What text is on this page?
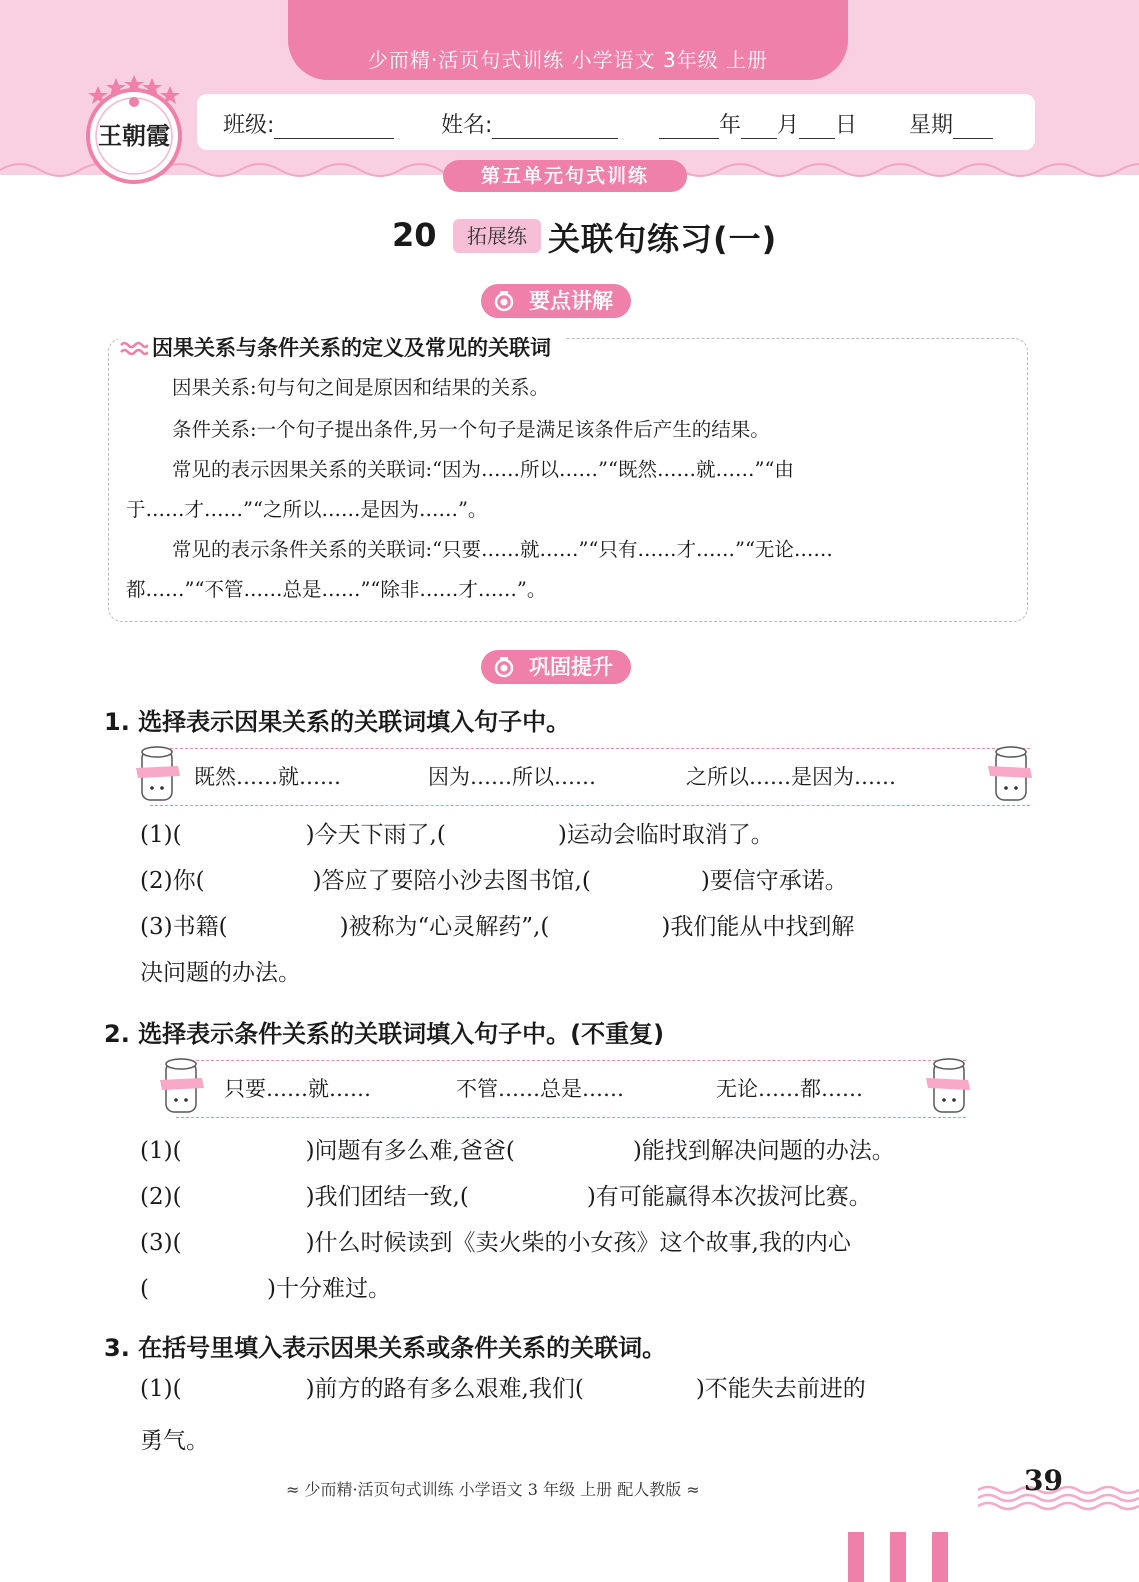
少而精·活页句式训练 小学语文 3年级 上册
王朝霞 班级:	姓名:	年 月 日 星期
第五单元句式训练
20	拓展练 关联句练习(一)
要点讲解
因果关系与条件关系的定义及常见的关联词
因果关系:句与句之间是原因和结果的关系。
条件关系:一个句子提出条件,另一个句子是满足该条件后产生的结果。
常见的表示因果关系的关联词:“因为……所以……”“既然……就……”“由
于……才……”“之所以……是因为……”。
常见的表示条件关系的关联词:“只要……就……”“只有……才……”“无论……
都……”“不管……总是……”“除非……才……”。
巩固提升
1. 选择表示因果关系的关联词填入句子中。
既然……就……	因为……所以……	之所以……是因为……
(1)(	)今天下雨了,(	)运动会临时取消了。
(2)你(	)答应了要陪小沙去图书馆,(	)要信守承诺。
(3)书籍(	)被称为“心灵解药”,(	)我们能从中找到解
决问题的办法。
2. 选择表示条件关系的关联词填入句子中。(不重复)
只要……就……	不管……总是……	无论……都……
(1)(	)问题有多么难,爸爸(	)能找到解决问题的办法。
(2)(	)我们团结一致,(	)有可能赢得本次拔河比赛。
(3)(	)什么时候读到《卖火柴的小女孩》这个故事,我的内心
(	)十分难过。
3. 在括号里填入表示因果关系或条件关系的关联词。
(1)(	)前方的路有多么艰难,我们(	)不能失去前进的
勇气。
≈ 少而精·活页句式训练 小学语文 3 年级 上册 配人教版 ≈	39
